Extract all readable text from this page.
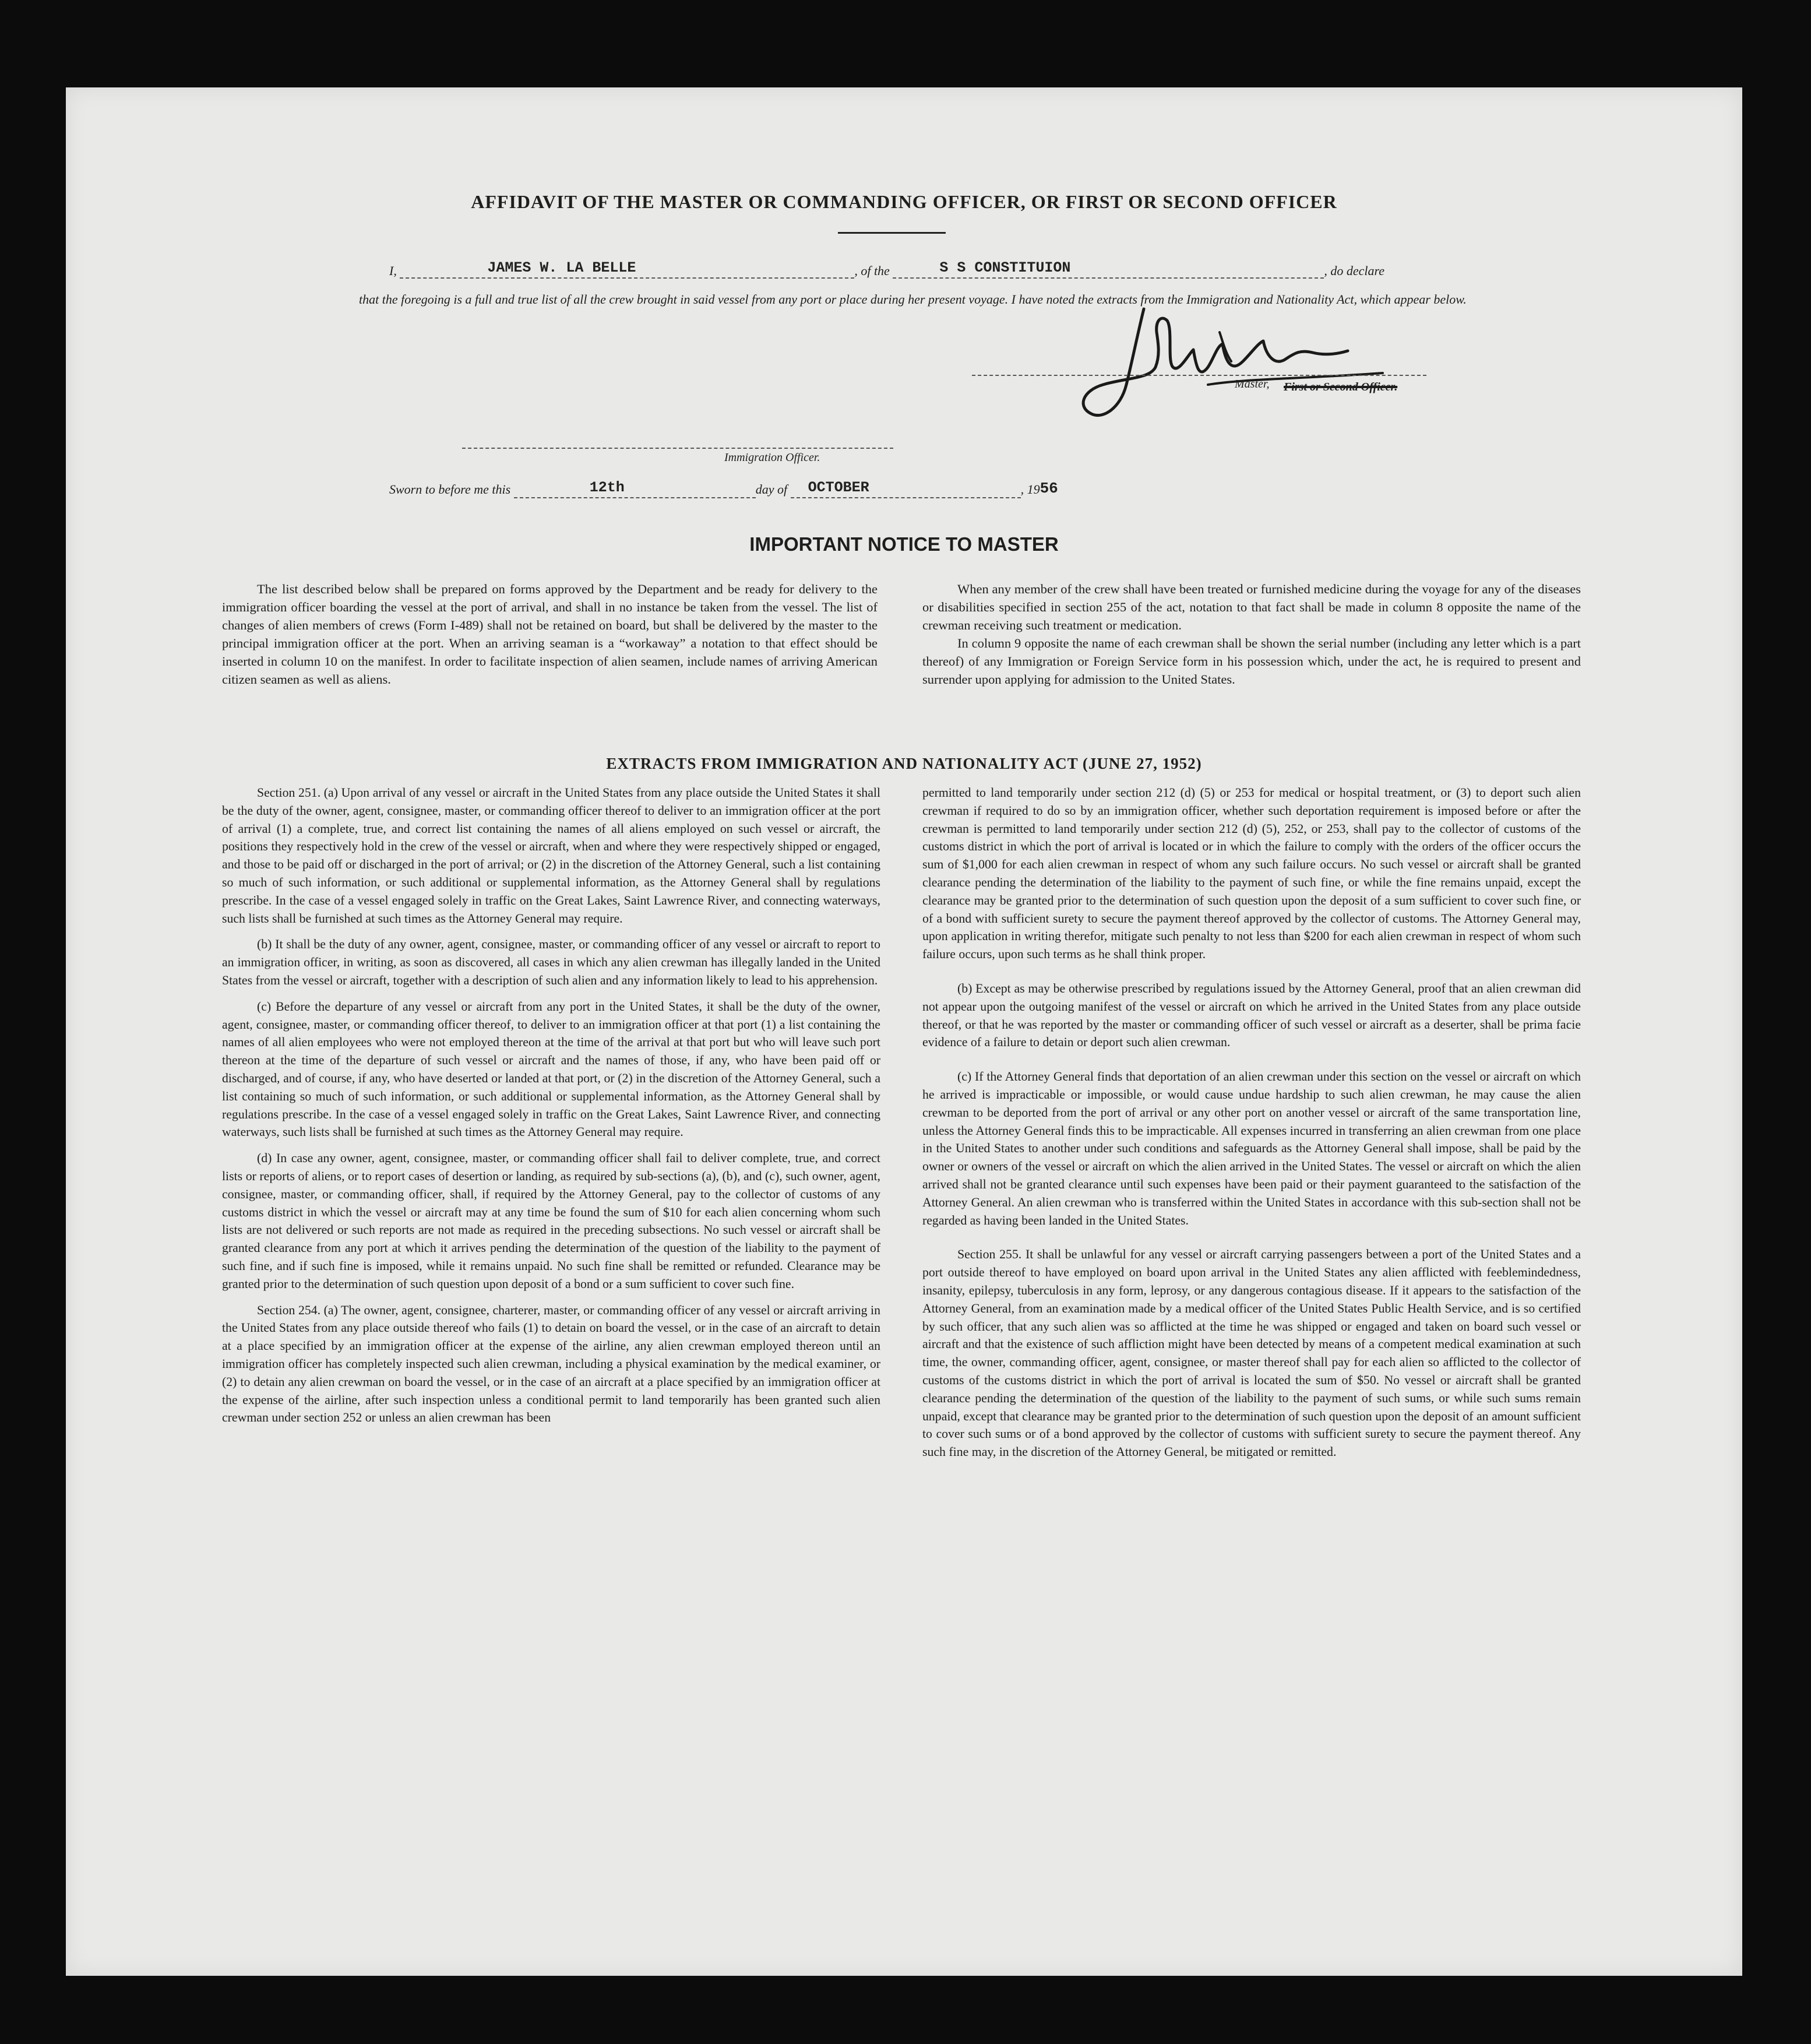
AFFIDAVIT OF THE MASTER OR COMMANDING OFFICER, OR FIRST OR SECOND OFFICER
I,	JAMES W. LA BELLE	, of the	S S CONSTITUION	, do declare
that the foregoing is a full and true list of all the crew brought in said vessel from any port or place during her present voyage. I have noted the extracts from the Immigration and Nationality Act, which appear below.
Master, First or Second Officer.
Sworn to before me this	12th	day of OCTOBER	, 1956
Immigration Officer.
IMPORTANT NOTICE TO MASTER

The list described below shall be prepared on forms approved by the Department and be ready for delivery to the immigration officer boarding the vessel at the port of arrival, and shall in no instance be taken from the vessel. The list of changes of alien members of crews (Form I-489) shall not be retained on board, but shall be delivered by the master to the principal immigration officer at the port. When an arriving seaman is a “workaway” a notation to that effect should be inserted in column 10 on the manifest. In order to facilitate inspection of alien seamen, include names of arriving American citizen seamen as well as aliens.

When any member of the crew shall have been treated or furnished medicine during the voyage for any of the diseases or disabilities specified in section 255 of the act, notation to that fact shall be made in column 8 opposite the name of the crewman receiving such treatment or medication.

In column 9 opposite the name of each crewman shall be shown the serial number (including any letter which is a part thereof) of any Immigration or Foreign Service form in his possession which, under the act, he is required to present and surrender upon applying for admission to the United States.

EXTRACTS FROM IMMIGRATION AND NATIONALITY ACT (JUNE 27, 1952)

Section 251. (a) Upon arrival of any vessel or aircraft in the United States from any place outside the United States it shall be the duty of the owner, agent, consignee, master, or commanding officer thereof to deliver to an immigration officer at the port of arrival (1) a complete, true, and correct list containing the names of all aliens employed on such vessel or aircraft, the positions they respectively hold in the crew of the vessel or aircraft, when and where they were respectively shipped or engaged, and those to be paid off or discharged in the port of arrival; or (2) in the discretion of the Attorney General, such a list containing so much of such information, or such additional or supplemental information, as the Attorney General shall by regulations prescribe. In the case of a vessel engaged solely in traffic on the Great Lakes, Saint Lawrence River, and connecting waterways, such lists shall be furnished at such times as the Attorney General may require.

(b) It shall be the duty of any owner, agent, consignee, master, or commanding officer of any vessel or aircraft to report to an immigration officer, in writing, as soon as discovered, all cases in which any alien crewman has illegally landed in the United States from the vessel or aircraft, together with a description of such alien and any information likely to lead to his apprehension.

(c) Before the departure of any vessel or aircraft from any port in the United States, it shall be the duty of the owner, agent, consignee, master, or commanding officer thereof, to deliver to an immigration officer at that port (1) a list containing the names of all alien employees who were not employed thereon at the time of the arrival at that port but who will leave such port thereon at the time of the departure of such vessel or aircraft and the names of those, if any, who have been paid off or discharged, and of course, if any, who have deserted or landed at that port, or (2) in the discretion of the Attorney General, such a list containing so much of such information, or such additional or supplemental information, as the Attorney General shall by regulations prescribe. In the case of a vessel engaged solely in traffic on the Great Lakes, Saint Lawrence River, and connecting waterways, such lists shall be furnished at such times as the Attorney General may require.

(d) In case any owner, agent, consignee, master, or commanding officer shall fail to deliver complete, true, and correct lists or reports of aliens, or to report cases of desertion or landing, as required by sub-sections (a), (b), and (c), such owner, agent, consignee, master, or commanding officer, shall, if required by the Attorney General, pay to the collector of customs of any customs district in which the vessel or aircraft may at any time be found the sum of $10 for each alien concerning whom such lists are not delivered or such reports are not made as required in the preceding subsections. No such vessel or aircraft shall be granted clearance from any port at which it arrives pending the determination of the question of the liability to the payment of such fine, and if such fine is imposed, while it remains unpaid. No such fine shall be remitted or refunded. Clearance may be granted prior to the determination of such question upon deposit of a bond or a sum sufficient to cover such fine.

Section 254. (a) The owner, agent, consignee, charterer, master, or commanding officer of any vessel or aircraft arriving in the United States from any place outside thereof who fails (1) to detain on board the vessel, or in the case of an aircraft to detain at a place specified by an immigration officer at the expense of the airline, any alien crewman employed thereon until an immigration officer has completely inspected such alien crewman, including a physical examination by the medical examiner, or (2) to detain any alien crewman on board the vessel, or in the case of an aircraft at a place specified by an immigration officer at the expense of the airline, after such inspection unless a conditional permit to land temporarily has been granted such alien crewman under section 252 or unless an alien crewman has been

permitted to land temporarily under section 212 (d) (5) or 253 for medical or hospital treatment, or (3) to deport such alien crewman if required to do so by an immigration officer, whether such deportation requirement is imposed before or after the crewman is permitted to land temporarily under section 212 (d) (5), 252, or 253, shall pay to the collector of customs of the customs district in which the port of arrival is located or in which the failure to comply with the orders of the officer occurs the sum of $1,000 for each alien crewman in respect of whom any such failure occurs. No such vessel or aircraft shall be granted clearance pending the determination of the liability to the payment of such fine, or while the fine remains unpaid, except the clearance may be granted prior to the determination of such question upon the deposit of a sum sufficient to cover such fine, or of a bond with sufficient surety to secure the payment thereof approved by the collector of customs. The Attorney General may, upon application in writing therefor, mitigate such penalty to not less than $200 for each alien crewman in respect of whom such failure occurs, upon such terms as he shall think proper.

(b) Except as may be otherwise prescribed by regulations issued by the Attorney General, proof that an alien crewman did not appear upon the outgoing manifest of the vessel or aircraft on which he arrived in the United States from any place outside thereof, or that he was reported by the master or commanding officer of such vessel or aircraft as a deserter, shall be prima facie evidence of a failure to detain or deport such alien crewman.

(c) If the Attorney General finds that deportation of an alien crewman under this section on the vessel or aircraft on which he arrived is impracticable or impossible, or would cause undue hardship to such alien crewman, he may cause the alien crewman to be deported from the port of arrival or any other port on another vessel or aircraft of the same transportation line, unless the Attorney General finds this to be impracticable. All expenses incurred in transferring an alien crewman from one place in the United States to another under such conditions and safeguards as the Attorney General shall impose, shall be paid by the owner or owners of the vessel or aircraft on which the alien arrived in the United States. The vessel or aircraft on which the alien arrived shall not be granted clearance until such expenses have been paid or their payment guaranteed to the satisfaction of the Attorney General. An alien crewman who is transferred within the United States in accordance with this sub-section shall not be regarded as having been landed in the United States.

Section 255. It shall be unlawful for any vessel or aircraft carrying passengers between a port of the United States and a port outside thereof to have employed on board upon arrival in the United States any alien afflicted with feeblemindedness, insanity, epilepsy, tuberculosis in any form, leprosy, or any dangerous contagious disease. If it appears to the satisfaction of the Attorney General, from an examination made by a medical officer of the United States Public Health Service, and is so certified by such officer, that any such alien was so afflicted at the time he was shipped or engaged and taken on board such vessel or aircraft and that the existence of such affliction might have been detected by means of a competent medical examination at such time, the owner, commanding officer, agent, consignee, or master thereof shall pay for each alien so afflicted to the collector of customs of the customs district in which the port of arrival is located the sum of $50. No vessel or aircraft shall be granted clearance pending the determination of the question of the liability to the payment of such sums, or while such sums remain unpaid, except that clearance may be granted prior to the determination of such question upon the deposit of an amount sufficient to cover such sums or of a bond approved by the collector of customs with sufficient surety to secure the payment thereof. Any such fine may, in the discretion of the Attorney General, be mitigated or remitted.
